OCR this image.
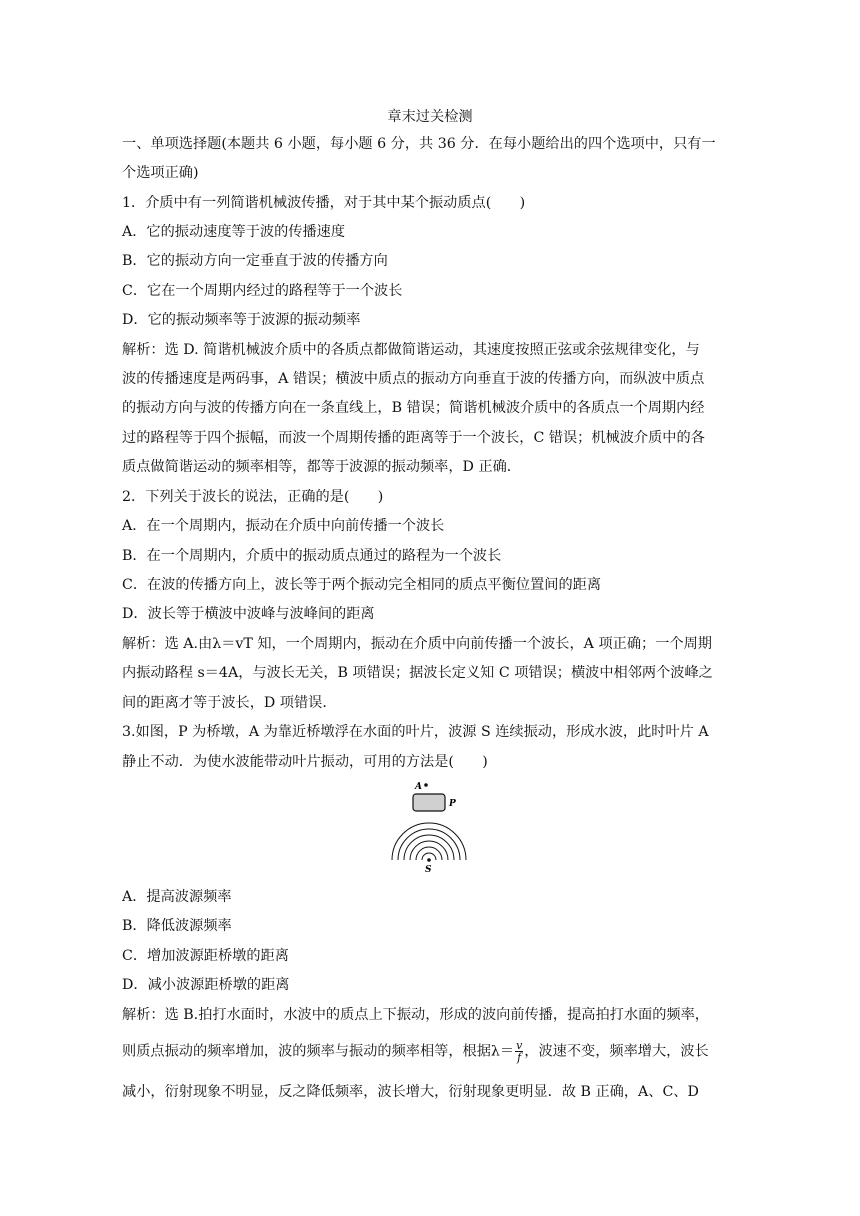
章末过关检测
一、单项选择题(本题共 6 小题，每小题 6 分，共 36 分．在每小题给出的四个选项中，只有一
个选项正确)
1．介质中有一列简谐机械波传播，对于其中某个振动质点(　　)
A．它的振动速度等于波的传播速度
B．它的振动方向一定垂直于波的传播方向
C．它在一个周期内经过的路程等于一个波长
D．它的振动频率等于波源的振动频率
解析：选 D. 简谐机械波介质中的各质点都做简谐运动，其速度按照正弦或余弦规律变化，与
波的传播速度是两码事，A 错误；横波中质点的振动方向垂直于波的传播方向，而纵波中质点
的振动方向与波的传播方向在一条直线上，B 错误；简谐机械波介质中的各质点一个周期内经
过的路程等于四个振幅，而波一个周期传播的距离等于一个波长，C 错误；机械波介质中的各
质点做简谐运动的频率相等，都等于波源的振动频率，D 正确．
2．下列关于波长的说法，正确的是(　　)
A．在一个周期内，振动在介质中向前传播一个波长
B．在一个周期内，介质中的振动质点通过的路程为一个波长
C．在波的传播方向上，波长等于两个振动完全相同的质点平衡位置间的距离
D．波长等于横波中波峰与波峰间的距离
解析：选 A.由λ＝vT 知，一个周期内，振动在介质中向前传播一个波长，A 项正确；一个周期
内振动路程 s＝4A，与波长无关，B 项错误；据波长定义知 C 项错误；横波中相邻两个波峰之
间的距离才等于波长，D 项错误．
3.如图，P 为桥墩，A 为靠近桥墩浮在水面的叶片，波源 S 连续振动，形成水波，此时叶片 A
静止不动．为使水波能带动叶片振动，可用的方法是(　　)
A
P
S
A．提高波源频率
B．降低波源频率
C．增加波源距桥墩的距离
D．减小波源距桥墩的距离
解析：选 B.拍打水面时，水波中的质点上下振动，形成的波向前传播，提高拍打水面的频率，
则质点振动的频率增加，波的频率与振动的频率相等，根据$\lambda= \frac{v}{f}$ ，波速不变，频率增大，波长
减小，衍射现象不明显，反之降低频率，波长增大，衍射现象更明显．故 B 正确，A、C、D
